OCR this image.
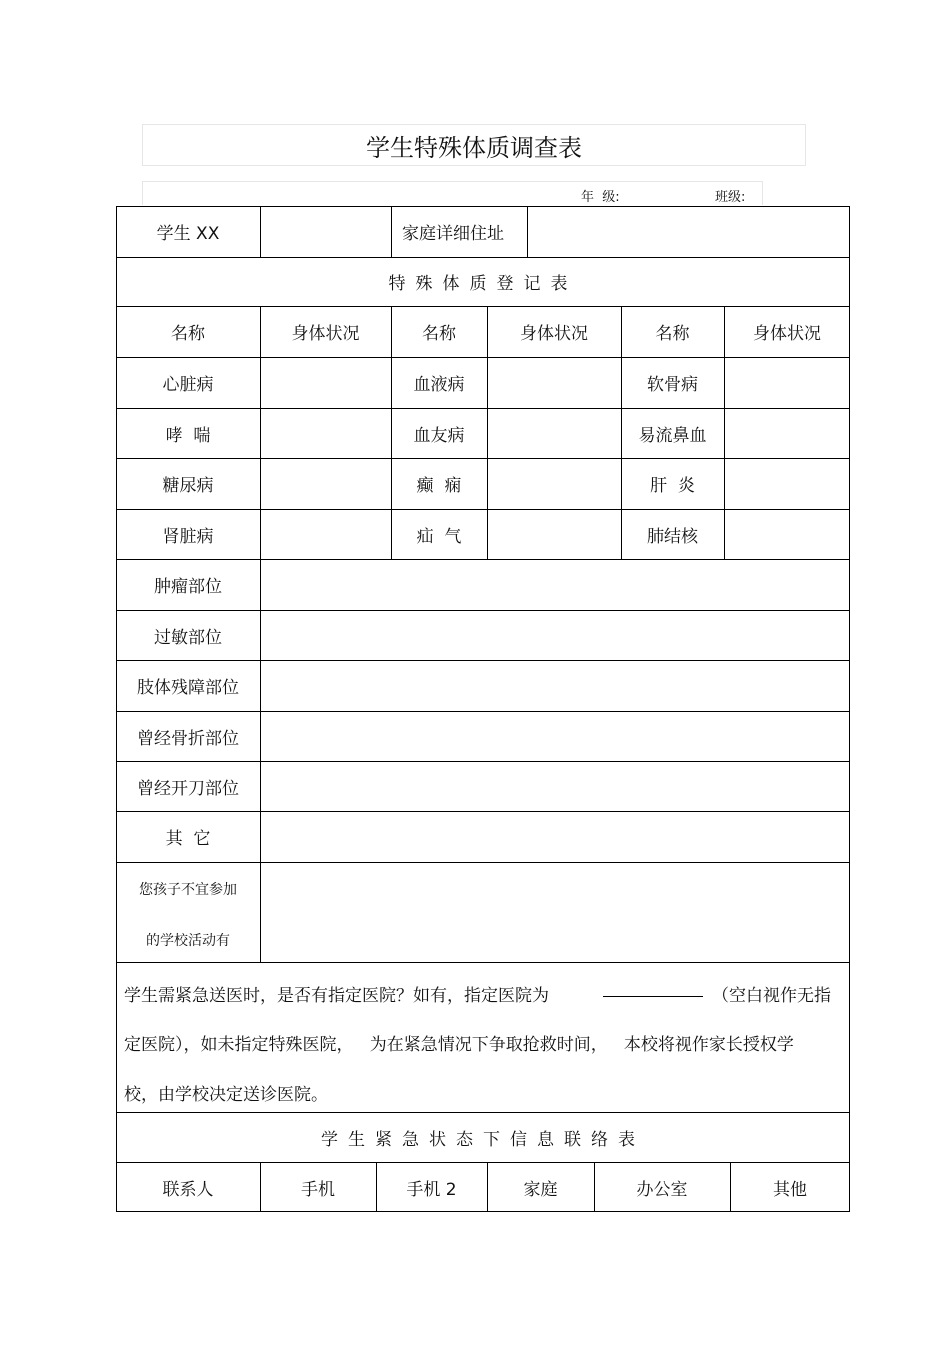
学生特殊体质调查表
年  级:	班级:
学生 XX	家庭详细住址
特殊体质登记表
名称	身体状况	名称	身体状况	名称	身体状况
心脏病	血液病	软骨病
哮  喘	血友病	易流鼻血
糖尿病	癫  痫	肝  炎
肾脏病	疝  气	肺结核
肿瘤部位
过敏部位
肢体残障部位
曾经骨折部位
曾经开刀部位
其  它
您孩子不宜参加
的学校活动有
学生需紧急送医时，是否有指定医院？如有，指定医院为	（空白视作无指
定医院），如未指定特殊医院，   为在紧急情况下争取抢救时间，   本校将视作家长授权学
校，由学校决定送诊医院。
学生紧急状态下信息联络表
联系人	手机	手机 2	家庭	办公室	其他
